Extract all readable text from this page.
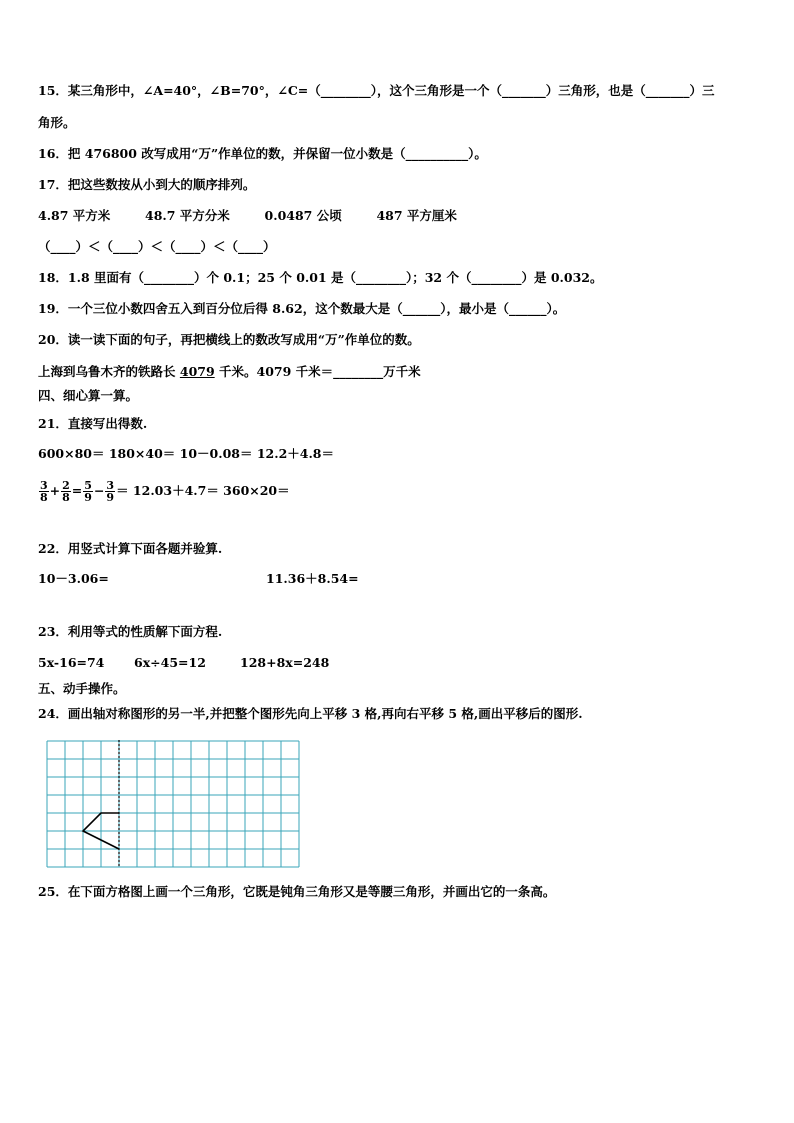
15．某三角形中，∠A=40°，∠B=70°，∠C=（________），这个三角形是一个（_______）三角形，也是（_______）三
角形。
16．把 476800 改写成用“万”作单位的数，并保留一位小数是（__________）。
17．把这些数按从小到大的顺序排列。
4.87 平方米	48.7 平方分米	0.0487 公顷	487 平方厘米
（____）＜（____）＜（____）＜（____）
18．1.8 里面有（________）个 0.1；25 个 0.01 是（________）；32 个（________）是 0.032。
19．一个三位小数四舍五入到百分位后得 8.62，这个数最大是（______），最小是（______）。
20．读一读下面的句子，再把横线上的数改写成用“万”作单位的数。
上海到乌鲁木齐的铁路长 4079 千米。4079 千米＝________万千米
四、细心算一算。
21．直接写出得数.
600×80＝ 180×40＝ 10－0.08＝ 12.2＋4.8＝
$\frac{3}{8} + \frac{2}{8} = \frac{5}{9} - \frac{3}{9} = 12.03+4.7= 360\times 20=$
22．用竖式计算下面各题并验算.
10－3.06=	11.36＋8.54=
23．利用等式的性质解下面方程.
5x-16=74 6x÷45=12	128+8x=248
五、动手操作。
24．画出轴对称图形的另一半,并把整个图形先向上平移 3 格,再向右平移 5 格,画出平移后的图形.
25．在下面方格图上画一个三角形，它既是钝角三角形又是等腰三角形，并画出它的一条高。
